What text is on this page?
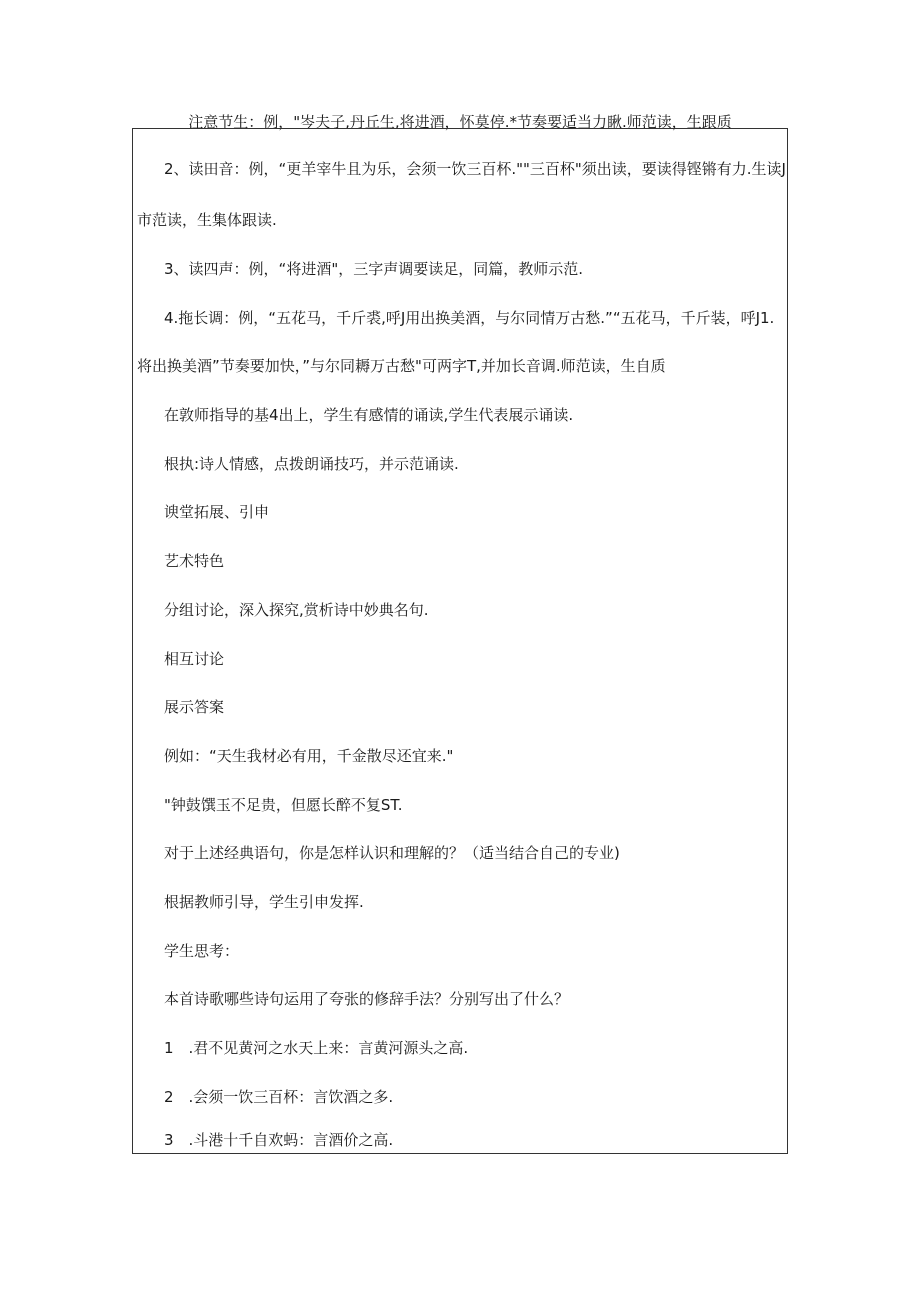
注意节生：例，"岑夫子,丹丘生,将进酒，怀莫停.*节奏要适当力瞅.师范读，生跟质
2、读田音：例，“更羊宰牛且为乐，会须一饮三百杯.""三百杯"须出读，要读得铿锵有力.生读J
市范读，生集体跟读.
3、读四声：例，“将进酒"，三字声调要读足，同篇，教师示范.
4.拖长调：例，“五花马，千斤裘,呼J用出换美酒，与尔同情万古愁.”“五花马，千斤装，呼J1.
将出换美酒”节奏要加快，”与尔同耨万古愁"可两字T,并加长音调.师范读，生自质
在敦师指导的基4出上，学生有感情的诵读,学生代表展示诵读.
根执:诗人情感，点拨朗诵技巧，并示范诵读.
谀堂拓展、引申
艺术特色
分组讨论，深入探究,赏析诗中妙典名句.
相互讨论
展示答案
例如：“天生我材必有用，千金散尽还宜来."
"钟鼓馔玉不足贵，但愿长醉不复ST.
对于上述经典语句，你是怎样认识和理解的？（适当结合自己的专业)
根据教师引导，学生引申发挥.
学生思考：
本首诗歌哪些诗句运用了夸张的修辞手法？分别写出了什么？
1　.君不见黄河之水天上来：言黄河源头之高.
2　.会须一饮三百杯：言饮酒之多.
3　.斗港十千自欢蚂：言酒价之高.
